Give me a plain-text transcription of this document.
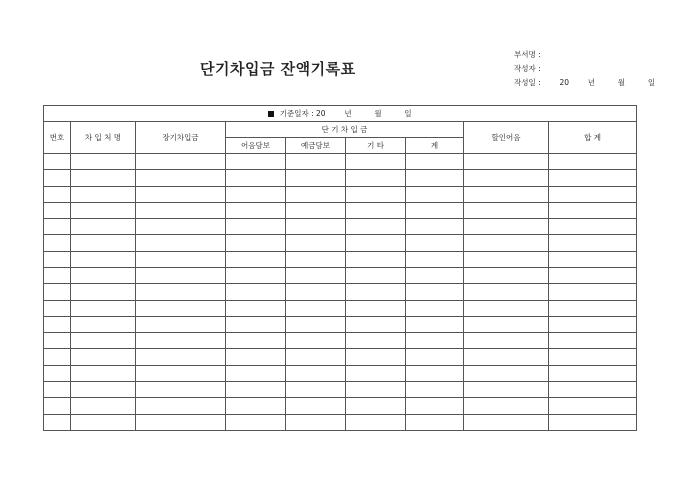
단기차입금 잔액기록표
부서명 :
작성자 :
작성일 :	20	년	월	일
기준일자 : 20 년 월 일								
번호	차 입 처 명	장기차입금	단 기 차 입 금				할인어음	합 계
			어음담보	예금담보	기 타	계		
